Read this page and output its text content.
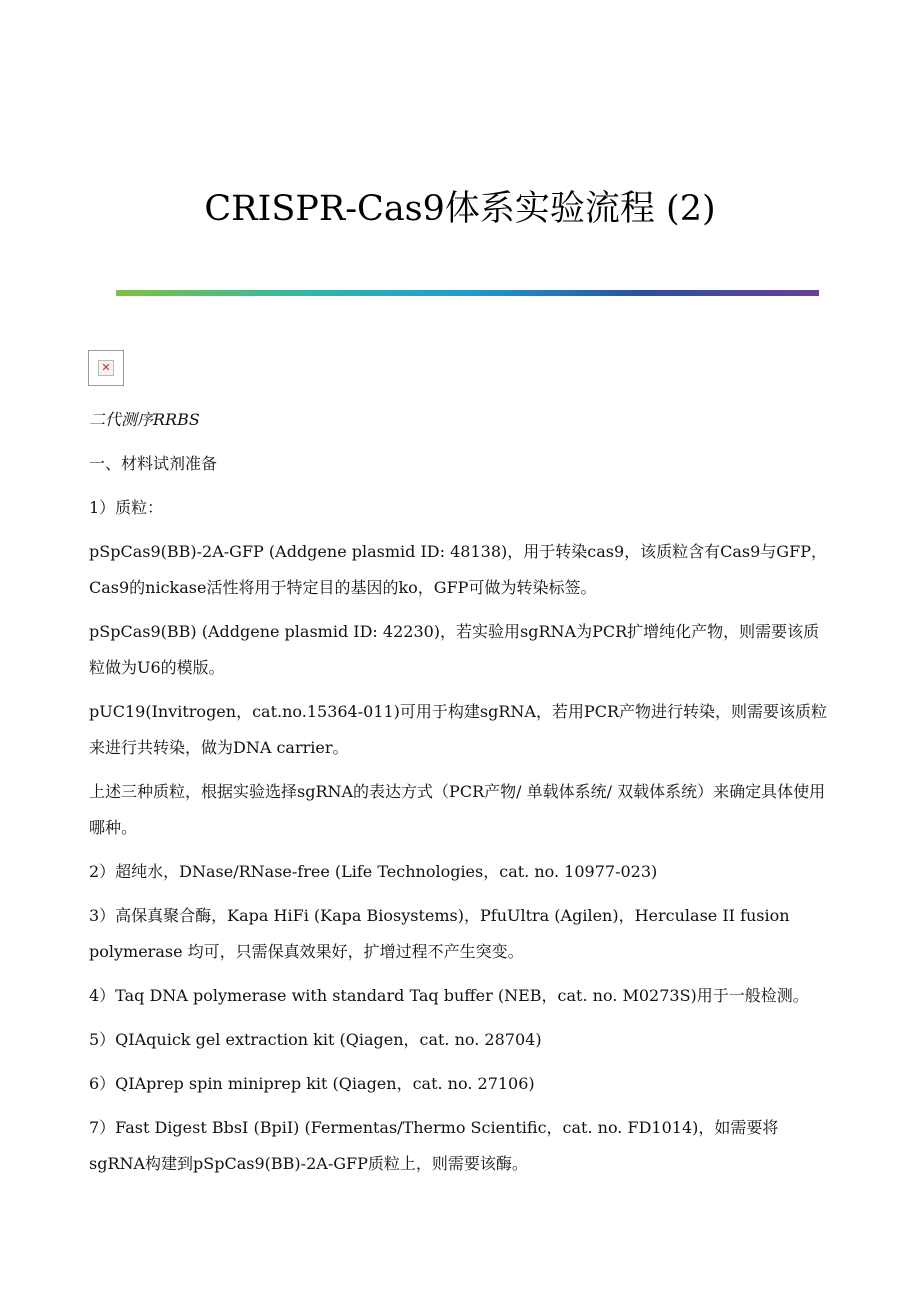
CRISPR-Cas9体系实验流程 (2)
✕
二代测序RRBS
一、材料试剂准备
1）质粒：
pSpCas9(BB)-2A-GFP (Addgene plasmid ID: 48138)，用于转染cas9，该质粒含有Cas9与GFP，Cas9的nickase活性将用于特定目的基因的ko，GFP可做为转染标签。
pSpCas9(BB) (Addgene plasmid ID: 42230)，若实验用sgRNA为PCR扩增纯化产物，则需要该质粒做为U6的模版。
pUC19(Invitrogen，cat.no.15364-011)可用于构建sgRNA，若用PCR产物进行转染，则需要该质粒来进行共转染，做为DNA carrier。
上述三种质粒，根据实验选择sgRNA的表达方式（PCR产物/ 单载体系统/ 双载体系统）来确定具体使用哪种。
2）超纯水，DNase/RNase-free (Life Technologies，cat. no. 10977-023)
3）高保真聚合酶，Kapa HiFi (Kapa Biosystems)，PfuUltra (Agilen)，Herculase II fusion polymerase 均可，只需保真效果好，扩增过程不产生突变。
4）Taq DNA polymerase with standard Taq buffer (NEB，cat. no. M0273S)用于一般检测。
5）QIAquick gel extraction kit (Qiagen，cat. no. 28704)
6）QIAprep spin miniprep kit (Qiagen，cat. no. 27106)
7）Fast Digest BbsI (BpiI) (Fermentas/Thermo Scientific，cat. no. FD1014)，如需要将sgRNA构建到pSpCas9(BB)-2A-GFP质粒上，则需要该酶。
